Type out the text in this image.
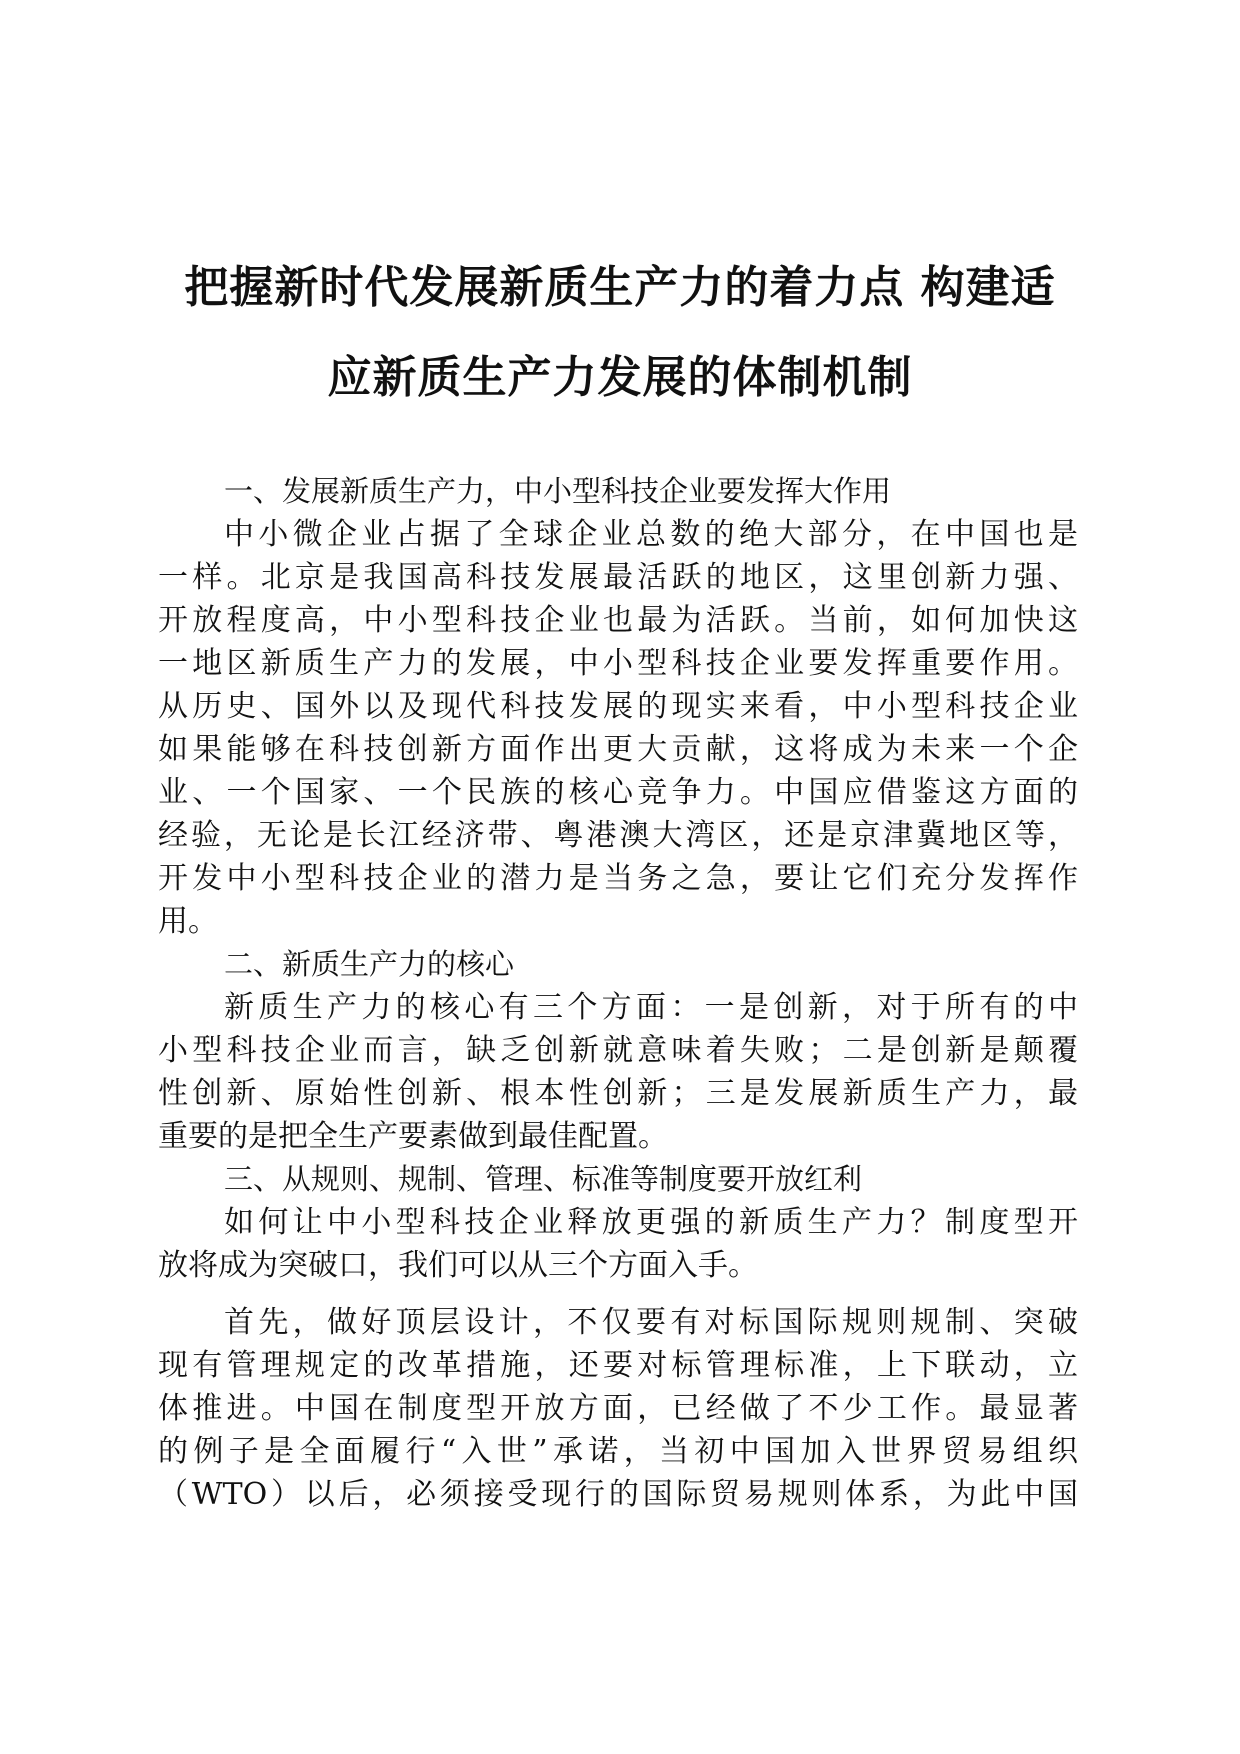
把握新时代发展新质生产力的着力点 构建适
应新质生产力发展的体制机制
一、发展新质生产力，中小型科技企业要发挥大作用
中小微企业占据了全球企业总数的绝大部分，在中国也是
一样。北京是我国高科技发展最活跃的地区，这里创新力强、
开放程度高，中小型科技企业也最为活跃。当前，如何加快这
一地区新质生产力的发展，中小型科技企业要发挥重要作用。
从历史、国外以及现代科技发展的现实来看，中小型科技企业
如果能够在科技创新方面作出更大贡献，这将成为未来一个企
业、一个国家、一个民族的核心竞争力。中国应借鉴这方面的
经验，无论是长江经济带、粤港澳大湾区，还是京津冀地区等，
开发中小型科技企业的潜力是当务之急，要让它们充分发挥作
用。
二、新质生产力的核心
新质生产力的核心有三个方面：一是创新，对于所有的中
小型科技企业而言，缺乏创新就意味着失败；二是创新是颠覆
性创新、原始性创新、根本性创新；三是发展新质生产力，最
重要的是把全生产要素做到最佳配置。
三、从规则、规制、管理、标准等制度要开放红利
如何让中小型科技企业释放更强的新质生产力？制度型开
放将成为突破口，我们可以从三个方面入手。
首先，做好顶层设计，不仅要有对标国际规则规制、突破
现有管理规定的改革措施，还要对标管理标准，上下联动，立
体推进。中国在制度型开放方面，已经做了不少工作。最显著
的例子是全面履行“入世”承诺，当初中国加入世界贸易组织
（WTO）以后，必须接受现行的国际贸易规则体系，为此中国
